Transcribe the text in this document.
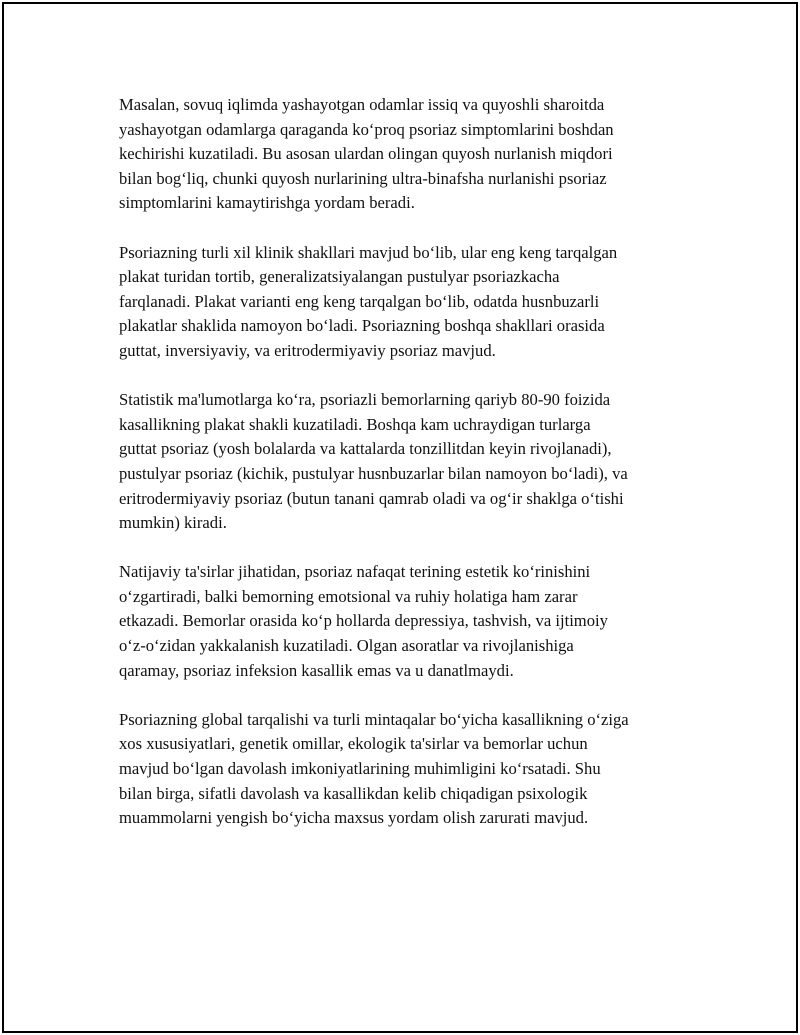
Masalan, sovuq iqlimda yashayotgan odamlar issiq va quyoshli sharoitda
yashayotgan odamlarga qaraganda koʻproq psoriaz simptomlarini boshdan
kechirishi kuzatiladi. Bu asosan ulardan olingan quyosh nurlanish miqdori
bilan bogʻliq, chunki quyosh nurlarining ultra-binafsha nurlanishi psoriaz
simptomlarini kamaytirishga yordam beradi.

Psoriazning turli xil klinik shakllari mavjud boʻlib, ular eng keng tarqalgan
plakat turidan tortib, generalizatsiyalangan pustulyar psoriazkacha
farqlanadi. Plakat varianti eng keng tarqalgan boʻlib, odatda husnbuzarli
plakatlar shaklida namoyon boʻladi. Psoriazning boshqa shakllari orasida
guttat, inversiyaviy, va eritrodermiyaviy psoriaz mavjud.

Statistik ma'lumotlarga koʻra, psoriazli bemorlarning qariyb 80-90 foizida
kasallikning plakat shakli kuzatiladi. Boshqa kam uchraydigan turlarga
guttat psoriaz (yosh bolalarda va kattalarda tonzillitdan keyin rivojlanadi),
pustulyar psoriaz (kichik, pustulyar husnbuzarlar bilan namoyon boʻladi), va
eritrodermiyaviy psoriaz (butun tanani qamrab oladi va ogʻir shaklga oʻtishi
mumkin) kiradi.

Natijaviy ta'sirlar jihatidan, psoriaz nafaqat terining estetik koʻrinishini
oʻzgartiradi, balki bemorning emotsional va ruhiy holatiga ham zarar
etkazadi. Bemorlar orasida koʻp hollarda depressiya, tashvish, va ijtimoiy
oʻz-oʻzidan yakkalanish kuzatiladi. Olgan asoratlar va rivojlanishiga
qaramay, psoriaz infeksion kasallik emas va u danatlmaydi.

Psoriazning global tarqalishi va turli mintaqalar boʻyicha kasallikning oʻziga
xos xususiyatlari, genetik omillar, ekologik ta'sirlar va bemorlar uchun
mavjud boʻlgan davolash imkoniyatlarining muhimligini koʻrsatadi. Shu
bilan birga, sifatli davolash va kasallikdan kelib chiqadigan psixologik
muammolarni yengish boʻyicha maxsus yordam olish zarurati mavjud.
